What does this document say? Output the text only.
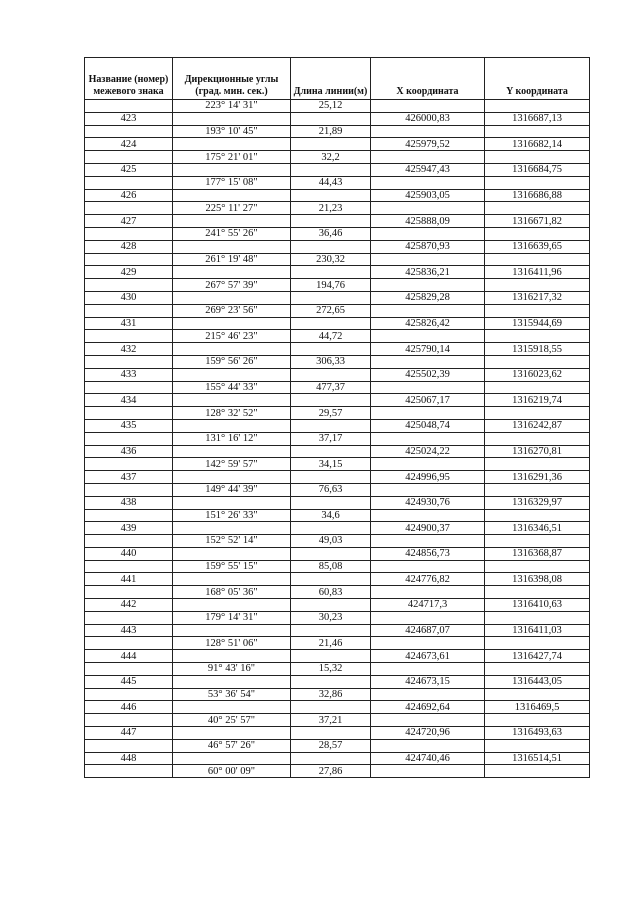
Название (номер) межевого знака	Дирекционные углы (град. мин. сек.)	Длина линии(м)	X координата	Y координата
	223° 14' 31"	25,12		
423			426000,83	1316687,13
	193° 10' 45"	21,89		
424			425979,52	1316682,14
	175° 21' 01"	32,2		
425			425947,43	1316684,75
	177° 15' 08"	44,43		
426			425903,05	1316686,88
	225° 11' 27"	21,23		
427			425888,09	1316671,82
	241° 55' 26"	36,46		
428			425870,93	1316639,65
	261° 19' 48"	230,32		
429			425836,21	1316411,96
	267° 57' 39"	194,76		
430			425829,28	1316217,32
	269° 23' 56"	272,65		
431			425826,42	1315944,69
	215° 46' 23"	44,72		
432			425790,14	1315918,55
	159° 56' 26"	306,33		
433			425502,39	1316023,62
	155° 44' 33"	477,37		
434			425067,17	1316219,74
	128° 32' 52"	29,57		
435			425048,74	1316242,87
	131° 16' 12"	37,17		
436			425024,22	1316270,81
	142° 59' 57"	34,15		
437			424996,95	1316291,36
	149° 44' 39"	76,63		
438			424930,76	1316329,97
	151° 26' 33"	34,6		
439			424900,37	1316346,51
	152° 52' 14"	49,03		
440			424856,73	1316368,87
	159° 55' 15"	85,08		
441			424776,82	1316398,08
	168° 05' 36"	60,83		
442			424717,3	1316410,63
	179° 14' 31"	30,23		
443			424687,07	1316411,03
	128° 51' 06"	21,46		
444			424673,61	1316427,74
	91° 43' 16"	15,32		
445			424673,15	1316443,05
	53° 36' 54"	32,86		
446			424692,64	1316469,5
	40° 25' 57"	37,21		
447			424720,96	1316493,63
	46° 57' 26"	28,57		
448			424740,46	1316514,51
	60° 00' 09"	27,86		
